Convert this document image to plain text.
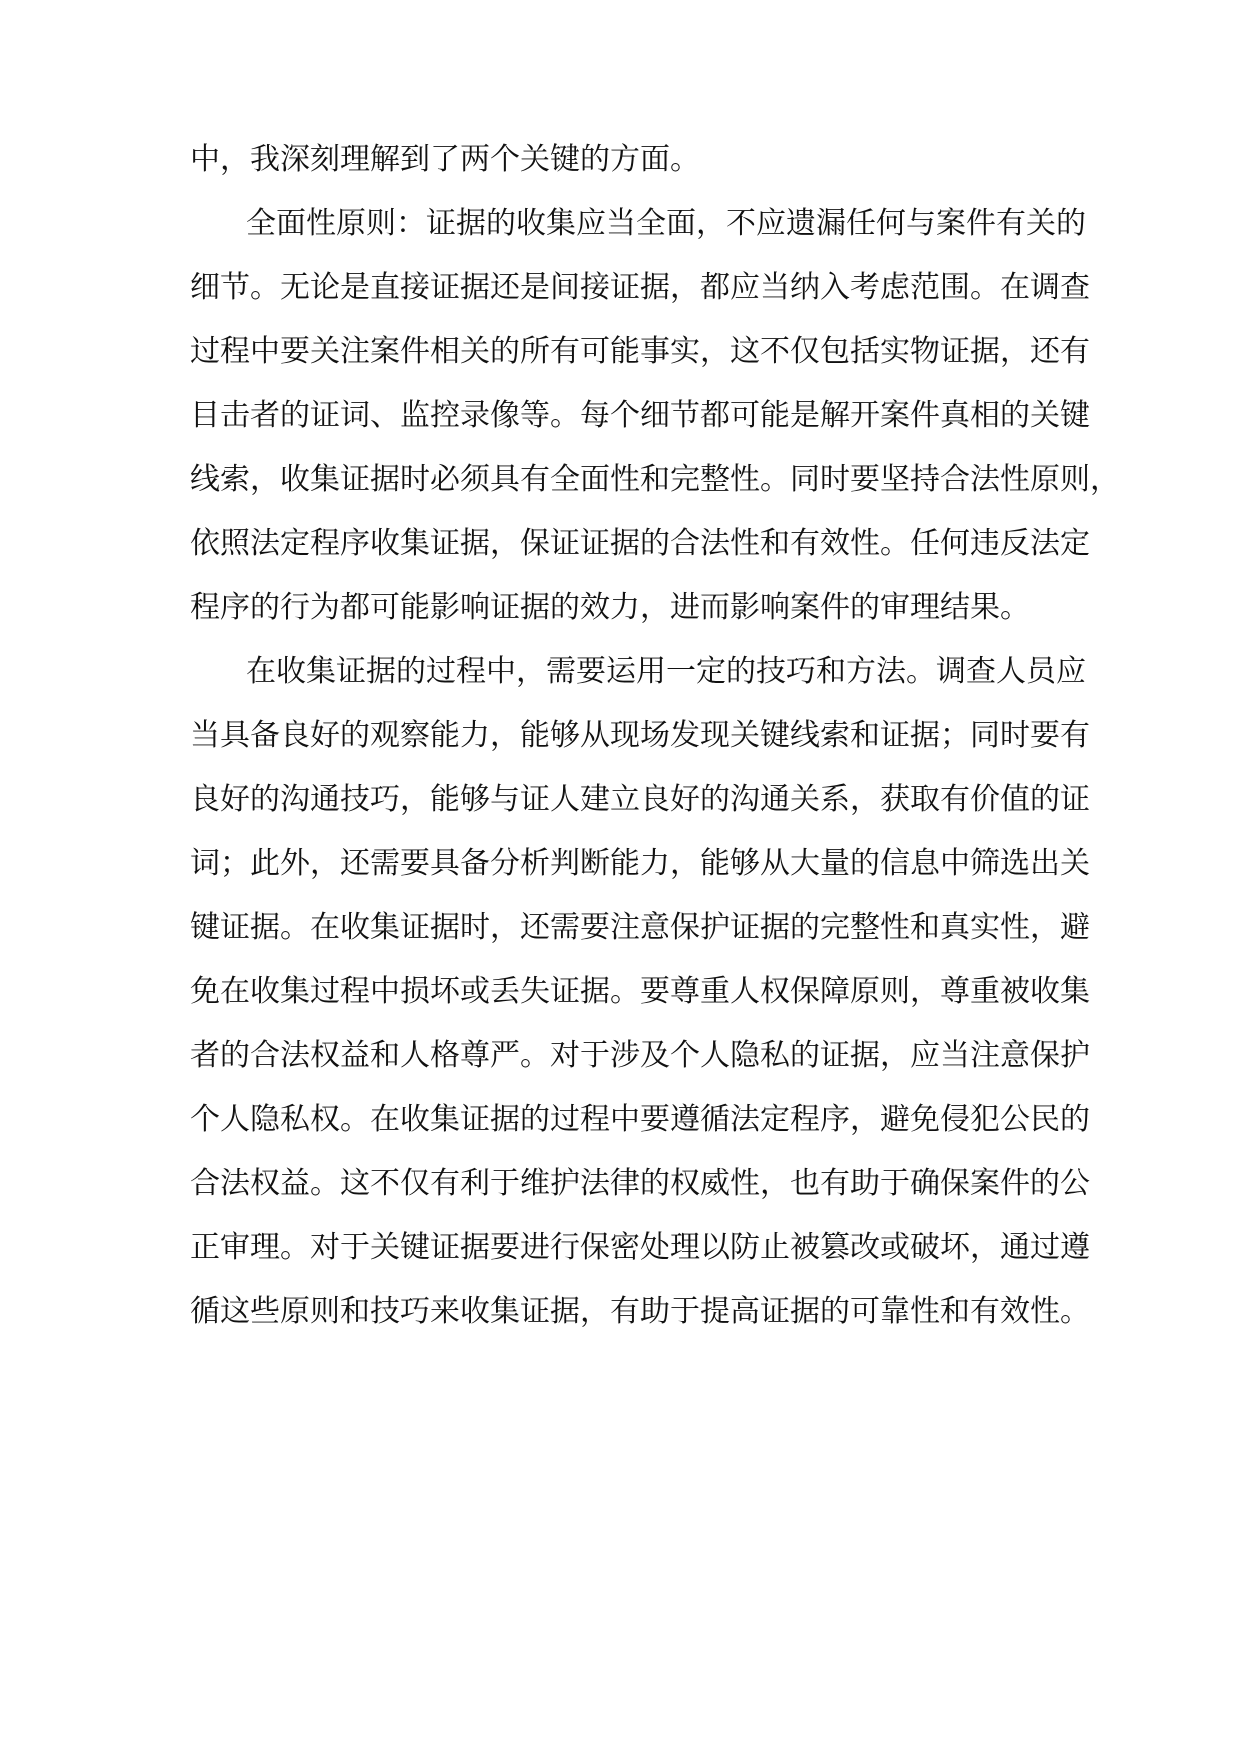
中，我深刻理解到了两个关键的方面。
全面性原则：证据的收集应当全面，不应遗漏任何与案件有关的
细节。无论是直接证据还是间接证据，都应当纳入考虑范围。在调查
过程中要关注案件相关的所有可能事实，这不仅包括实物证据，还有
目击者的证词、监控录像等。每个细节都可能是解开案件真相的关键
线索，收集证据时必须具有全面性和完整性。同时要坚持合法性原则，
依照法定程序收集证据，保证证据的合法性和有效性。任何违反法定
程序的行为都可能影响证据的效力，进而影响案件的审理结果。
在收集证据的过程中，需要运用一定的技巧和方法。调查人员应
当具备良好的观察能力，能够从现场发现关键线索和证据；同时要有
良好的沟通技巧，能够与证人建立良好的沟通关系，获取有价值的证
词；此外，还需要具备分析判断能力，能够从大量的信息中筛选出关
键证据。在收集证据时，还需要注意保护证据的完整性和真实性，避
免在收集过程中损坏或丢失证据。要尊重人权保障原则，尊重被收集
者的合法权益和人格尊严。对于涉及个人隐私的证据，应当注意保护
个人隐私权。在收集证据的过程中要遵循法定程序，避免侵犯公民的
合法权益。这不仅有利于维护法律的权威性，也有助于确保案件的公
正审理。对于关键证据要进行保密处理以防止被篡改或破坏，通过遵
循这些原则和技巧来收集证据，有助于提高证据的可靠性和有效性。
